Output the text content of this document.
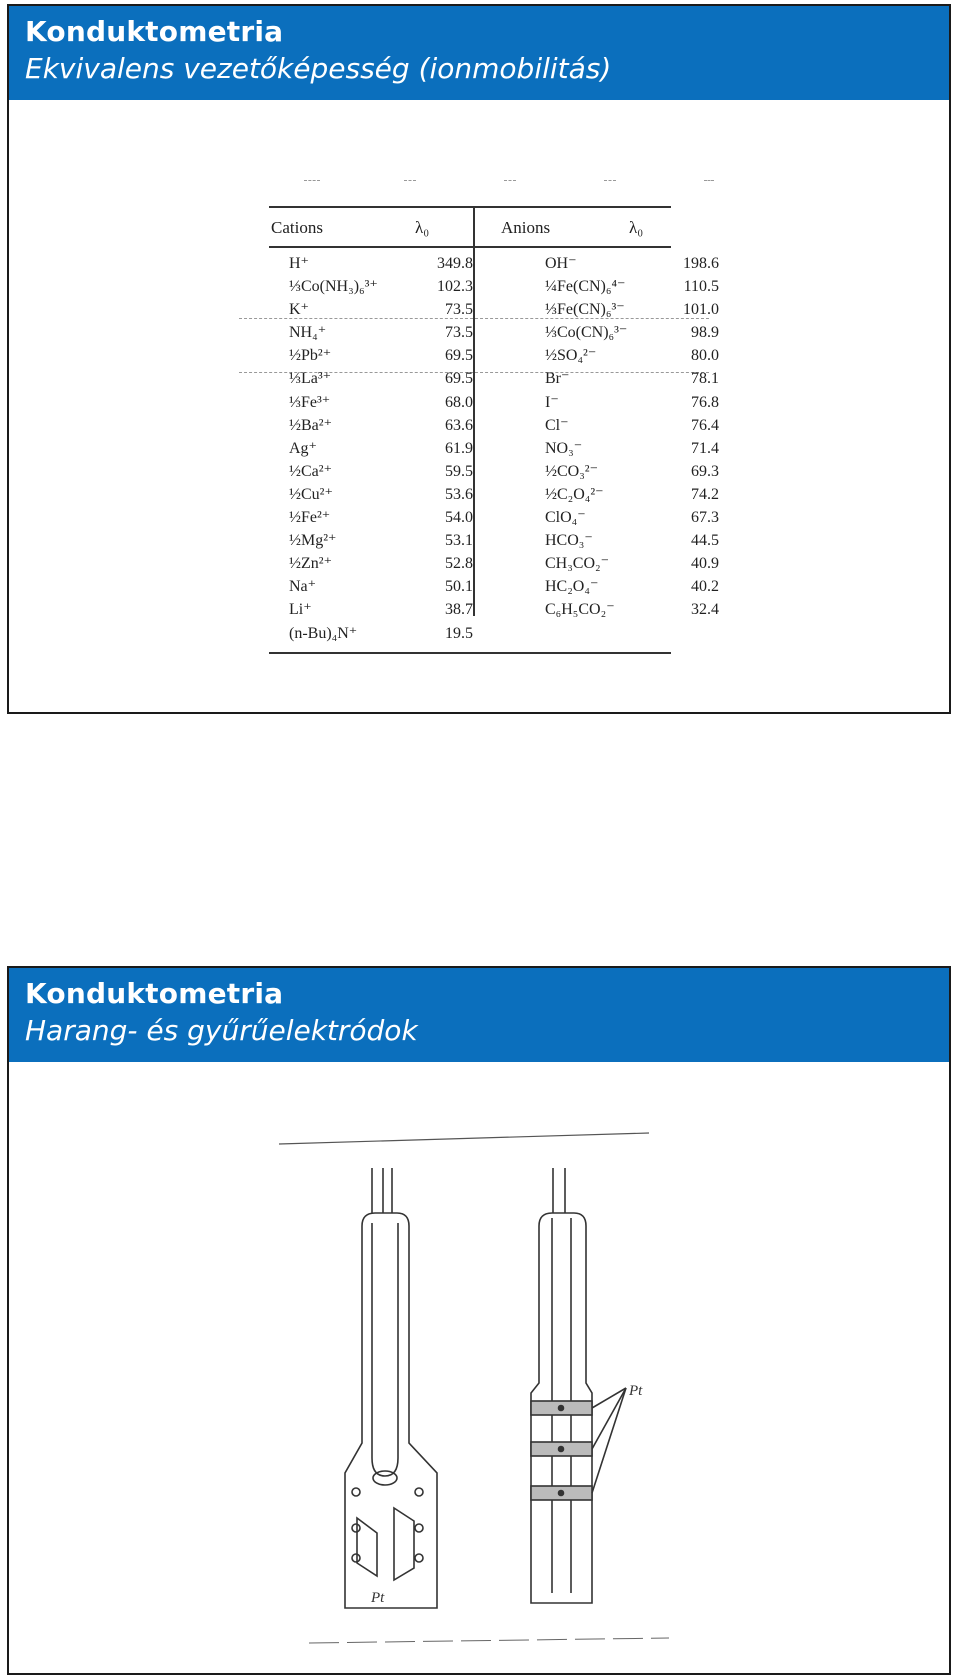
Konduktometria
Ekvivalens vezetőképesség (ionmobilitás)
Cations	λ₀	Anions	λ₀
H⁺	349.8	OH⁻	198.6
⅓Co(NH₃)₆³⁺	102.3	¼Fe(CN)₆⁴⁻	110.5
K⁺	73.5	⅓Fe(CN)₆³⁻	101.0
NH₄⁺	73.5	⅓Co(CN)₆³⁻	98.9
½Pb²⁺	69.5	½SO₄²⁻	80.0
⅓La³⁺	69.5	Br⁻	78.1
⅓Fe³⁺	68.0	I⁻	76.8
½Ba²⁺	63.6	Cl⁻	76.4
Ag⁺	61.9	NO₃⁻	71.4
½Ca²⁺	59.5	½CO₃²⁻	69.3
½Cu²⁺	53.6	½C₂O₄²⁻	74.2
½Fe²⁺	54.0	ClO₄⁻	67.3
½Mg²⁺	53.1	HCO₃⁻	44.5
½Zn²⁺	52.8	CH₃CO₂⁻	40.9
Na⁺	50.1	HC₂O₄⁻	40.2
Li⁺	38.7	C₆H₅CO₂⁻	32.4
(n-Bu)₄N⁺	19.5
Konduktometria
Harang- és gyűrűelektródok
Pt
Pt
